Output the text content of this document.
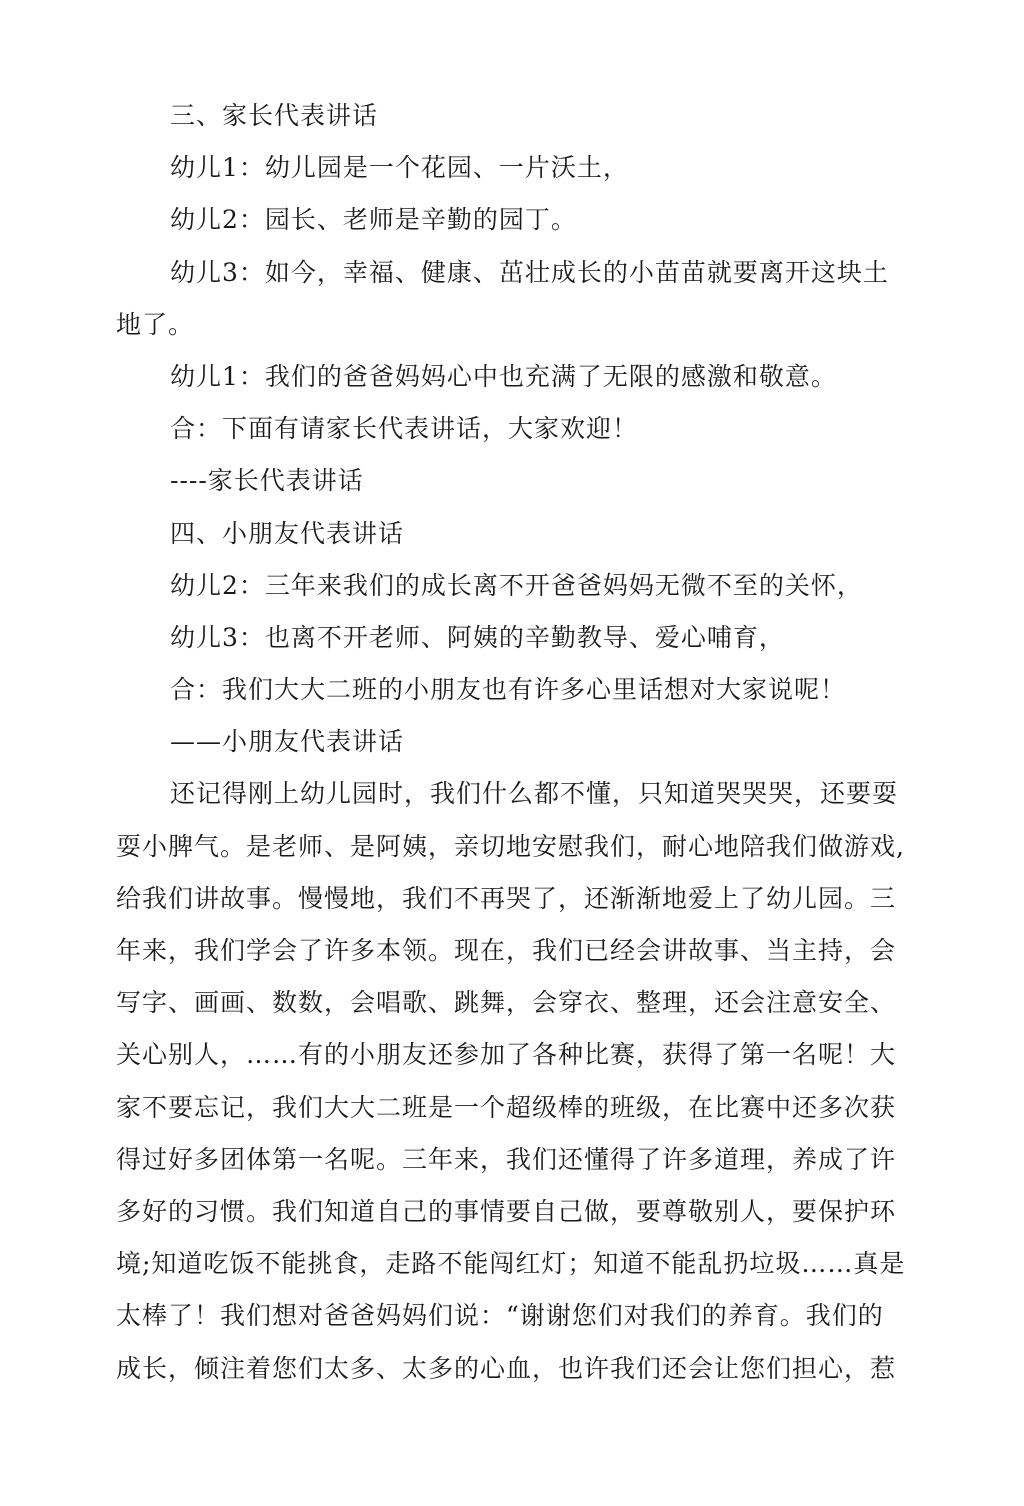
三、家长代表讲话
幼儿1：幼儿园是一个花园、一片沃土，
幼儿2：园长、老师是辛勤的园丁。
幼儿3：如今，幸福、健康、茁壮成长的小苗苗就要离开这块土
地了。
幼儿1：我们的爸爸妈妈心中也充满了无限的感激和敬意。
合：下面有请家长代表讲话，大家欢迎！
----家长代表讲话
四、小朋友代表讲话
幼儿2：三年来我们的成长离不开爸爸妈妈无微不至的关怀，
幼儿3：也离不开老师、阿姨的辛勤教导、爱心哺育，
合：我们大大二班的小朋友也有许多心里话想对大家说呢！
——小朋友代表讲话
还记得刚上幼儿园时，我们什么都不懂，只知道哭哭哭，还要耍
耍小脾气。是老师、是阿姨，亲切地安慰我们，耐心地陪我们做游戏,
给我们讲故事。慢慢地，我们不再哭了，还渐渐地爱上了幼儿园。三
年来，我们学会了许多本领。现在，我们已经会讲故事、当主持，会
写字、画画、数数，会唱歌、跳舞，会穿衣、整理，还会注意安全、
关心别人，……有的小朋友还参加了各种比赛，获得了第一名呢！大
家不要忘记，我们大大二班是一个超级棒的班级，在比赛中还多次获
得过好多团体第一名呢。三年来，我们还懂得了许多道理，养成了许
多好的习惯。我们知道自己的事情要自己做，要尊敬别人，要保护环
境;知道吃饭不能挑食，走路不能闯红灯；知道不能乱扔垃圾……真是
太棒了！我们想对爸爸妈妈们说：“谢谢您们对我们的养育。我们的
成长，倾注着您们太多、太多的心血，也许我们还会让您们担心，惹
